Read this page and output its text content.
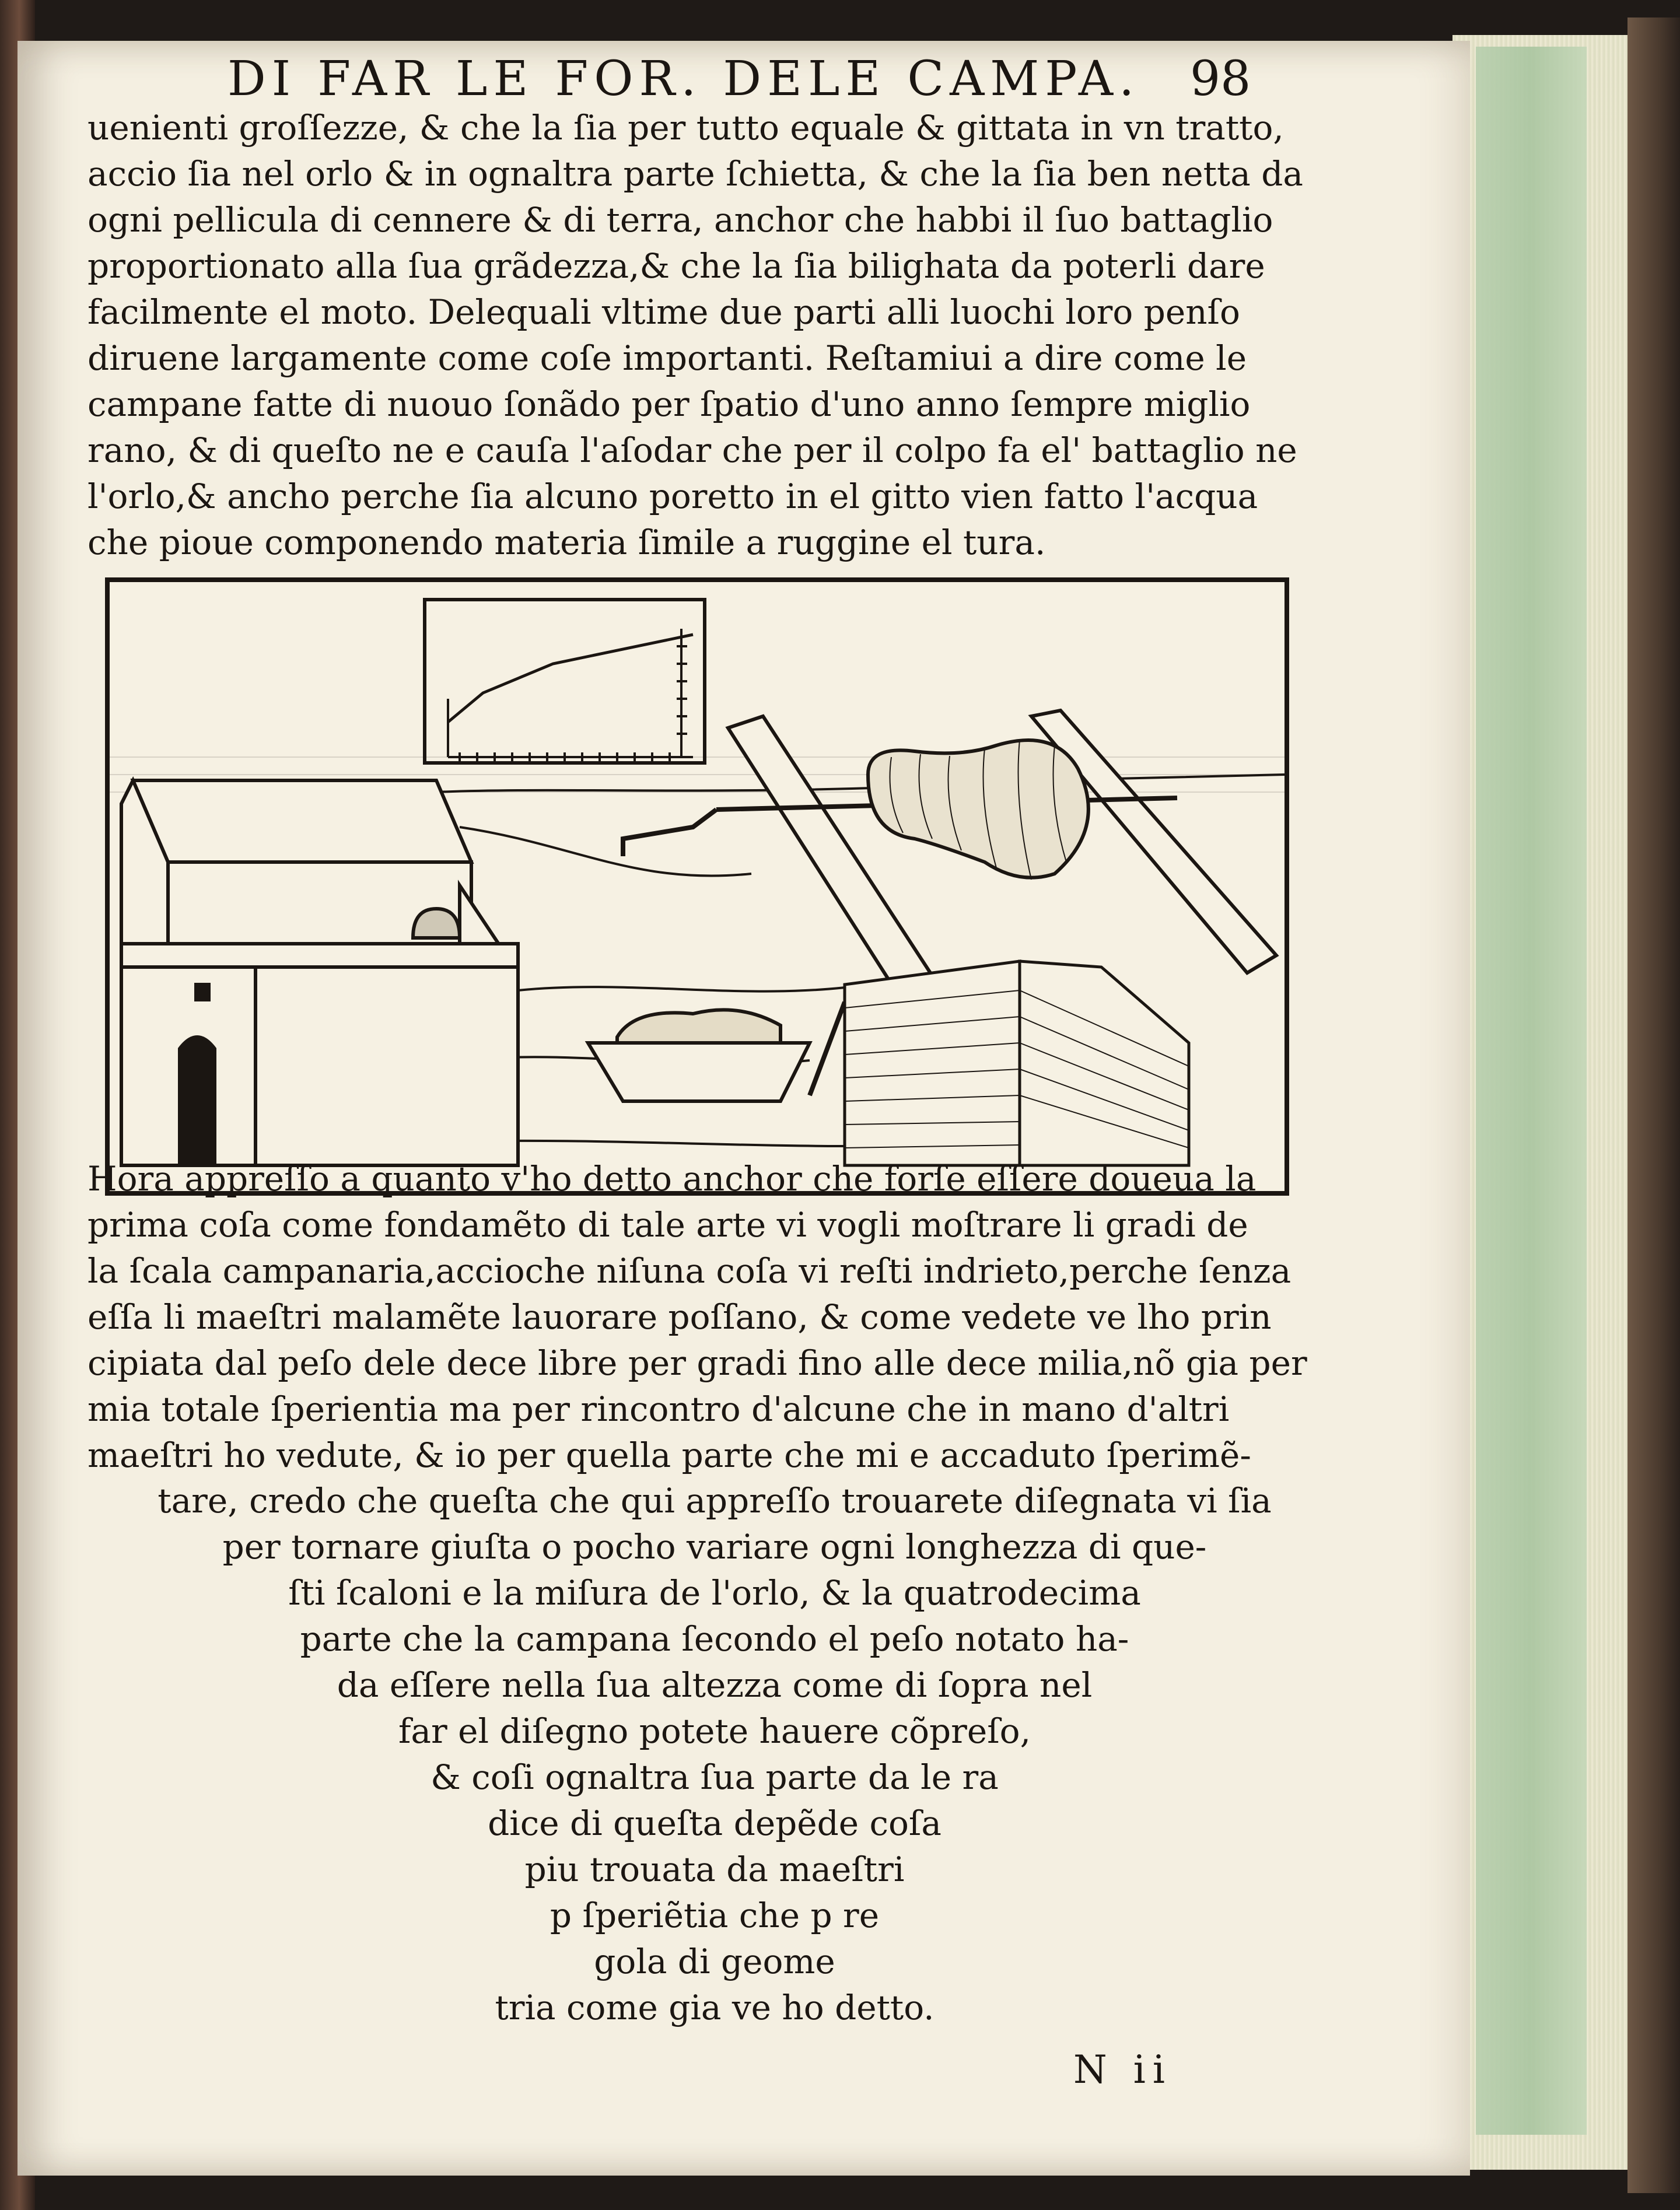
DI FAR LE FOR. DELE CAMPA. 98
uenienti groſſezze, & che la ſia per tutto equale & gittata in vn tratto,
accio ſia nel orlo & in ognaltra parte ſchietta, & che la ſia ben netta da
ogni pellicula di cennere & di terra, anchor che habbi il ſuo battaglio
proportionato alla ſua grãdezza,& che la ſia bilighata da poterli dare
facilmente el moto. Delequali vltime due parti alli luochi loro penſo
diruene largamente come coſe importanti. Reſtamiui a dire come le
campane fatte di nuouo ſonãdo per ſpatio d'uno anno ſempre miglio
rano, & di queſto ne e cauſa l'aſodar che per il colpo fa el' battaglio ne
l'orlo,& ancho perche ſia alcuno poretto in el gitto vien fatto l'acqua
che pioue componendo materia ſimile a ruggine el tura.
Hora appreſſo a quanto v'ho detto anchor che forſe eſſere doueua la
prima coſa come fondamẽto di tale arte vi vogli moſtrare li gradi de
la ſcala campanaria,accioche niſuna coſa vi reſti indrieto,perche ſenza
eſſa li maeſtri malamẽte lauorare poſſano, & come vedete ve lho prin
cipiata dal peſo dele dece libre per gradi fino alle dece milia,nõ gia per
mia totale ſperientia ma per rincontro d'alcune che in mano d'altri
maeſtri ho vedute, & io per quella parte che mi e accaduto ſperimẽ-
tare, credo che queſta che qui appreſſo trouarete diſegnata vi ſia
per tornare giuſta o pocho variare ogni longhezza di que-
ſti ſcaloni e la miſura de l'orlo, & la quatrodecima
parte che la campana ſecondo el peſo notato ha-
da eſſere nella ſua altezza come di ſopra nel
far el diſegno potete hauere cõpreſo,
& coſi ognaltra ſua parte da le ra
dice di queſta depẽde coſa
piu trouata da maeſtri
p ſperiẽtia che p re
gola di geome
tria come gia ve ho detto.
N ii
